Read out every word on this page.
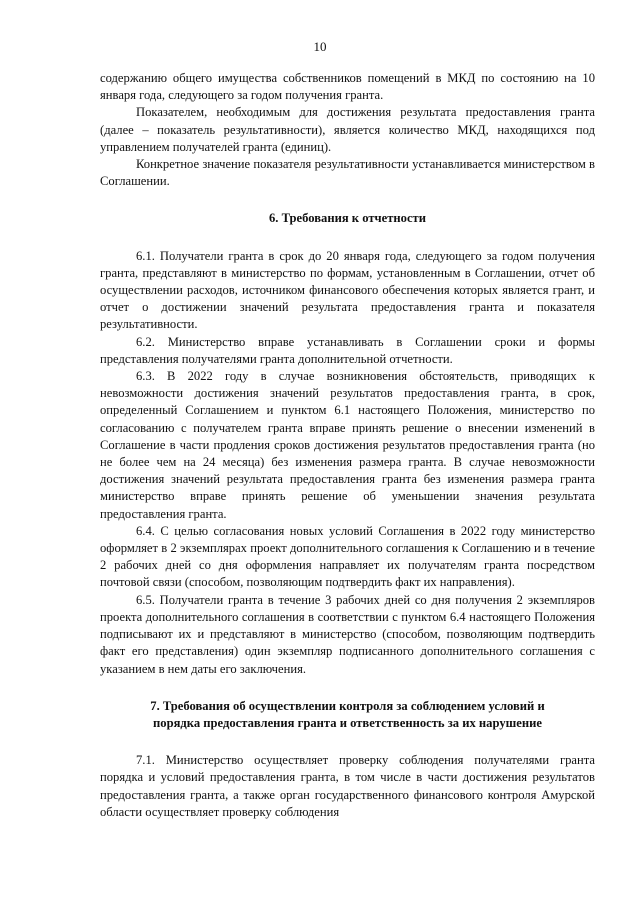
10

содержанию общего имущества собственников помещений в МКД по состоянию на 10 января года, следующего за годом получения гранта.

Показателем, необходимым для достижения результата предоставления гранта (далее – показатель результативности), является количество МКД, находящихся под управлением получателей гранта (единиц).

Конкретное значение показателя результативности устанавливается министерством в Соглашении.

6. Требования к отчетности

6.1. Получатели гранта в срок до 20 января года, следующего за годом получения гранта, представляют в министерство по формам, установленным в Соглашении, отчет об осуществлении расходов, источником финансового обеспечения которых является грант, и отчет о достижении значений результата предоставления гранта и показателя результативности.

6.2. Министерство вправе устанавливать в Соглашении сроки и формы представления получателями гранта дополнительной отчетности.

6.3. В 2022 году в случае возникновения обстоятельств, приводящих к невозможности достижения значений результатов предоставления гранта, в срок, определенный Соглашением и пунктом 6.1 настоящего Положения, министерство по согласованию с получателем гранта вправе принять решение о внесении изменений в Соглашение в части продления сроков достижения результатов предоставления гранта (но не более чем на 24 месяца) без изменения размера гранта. В случае невозможности достижения значений результата предоставления гранта без изменения размера гранта министерство вправе принять решение об уменьшении значения результата предоставления гранта.

6.4. С целью согласования новых условий Соглашения в 2022 году министерство оформляет в 2 экземплярах проект дополнительного соглашения к Соглашению и в течение 2 рабочих дней со дня оформления направляет их получателям гранта посредством почтовой связи (способом, позволяющим подтвердить факт их направления).

6.5. Получатели гранта в течение 3 рабочих дней со дня получения 2 экземпляров проекта дополнительного соглашения в соответствии с пунктом 6.4 настоящего Положения подписывают их и представляют в министерство (способом, позволяющим подтвердить факт его представления) один экземпляр подписанного дополнительного соглашения с указанием в нем даты его заключения.

7. Требования об осуществлении контроля за соблюдением условий и

порядка предоставления гранта и ответственность за их нарушение

7.1. Министерство осуществляет проверку соблюдения получателями гранта порядка и условий предоставления гранта, в том числе в части достижения результатов предоставления гранта, а также орган государственного финансового контроля Амурской области осуществляет проверку соблюдения
